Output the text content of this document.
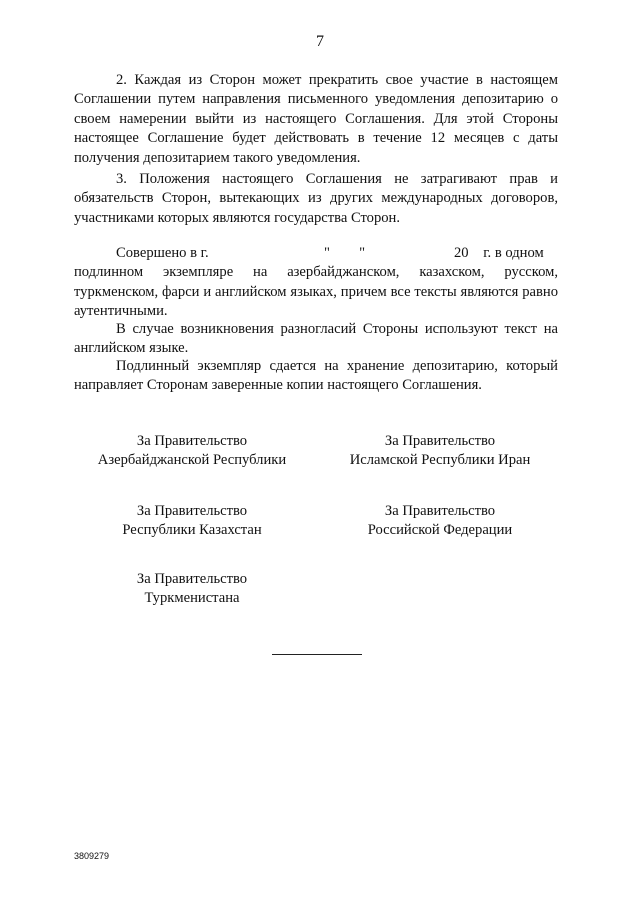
7

2. Каждая из Сторон может прекратить свое участие в настоящем Соглашении путем направления письменного уведомления депозитарию о своем намерении выйти из настоящего Соглашения. Для этой Стороны настоящее Соглашение будет действовать в течение 12 месяцев с даты получения депозитарием такого уведомления.

3. Положения настоящего Соглашения не затрагивают прав и обязательств Сторон, вытекающих из других международных договоров, участниками которых являются государства Сторон.

Совершено в г.	"        "	20    г. в одном

подлинном экземпляре на азербайджанском, казахском, русском, туркменском, фарси и английском языках, причем все тексты являются равно аутентичными.

В случае возникновения разногласий Стороны используют текст на английском языке.

Подлинный экземпляр сдается на хранение депозитарию, который направляет Сторонам заверенные копии настоящего Соглашения.

За Правительство
Азербайджанской Республики
За Правительство
Исламской Республики Иран
За Правительство
Республики Казахстан
За Правительство
Российской Федерации
За Правительство
Туркменистана
3809279
